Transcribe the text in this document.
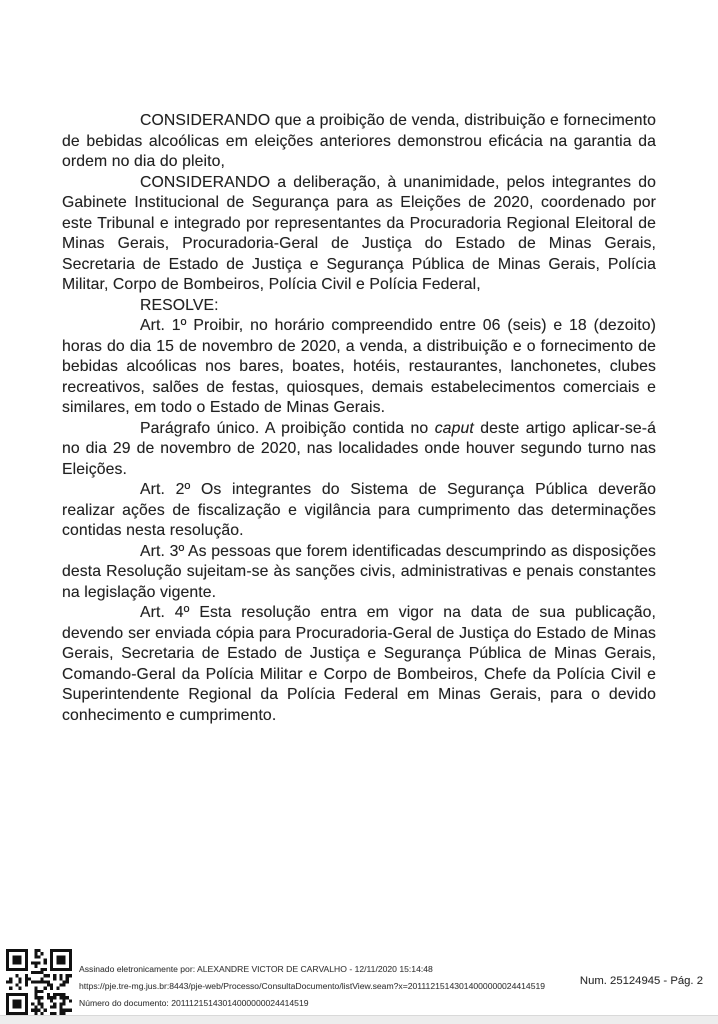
CONSIDERANDO que a proibição de venda, distribuição e fornecimento de bebidas alcoólicas em eleições anteriores demonstrou eficácia na garantia da ordem no dia do pleito,

CONSIDERANDO a deliberação, à unanimidade, pelos integrantes do Gabinete Institucional de Segurança para as Eleições de 2020, coordenado por este Tribunal e integrado por representantes da Procuradoria Regional Eleitoral de Minas Gerais, Procuradoria-Geral de Justiça do Estado de Minas Gerais, Secretaria de Estado de Justiça e Segurança Pública de Minas Gerais, Polícia Militar, Corpo de Bombeiros, Polícia Civil e Polícia Federal,

RESOLVE:

Art. 1º Proibir, no horário compreendido entre 06 (seis) e 18 (dezoito) horas do dia 15 de novembro de 2020, a venda, a distribuição e o fornecimento de bebidas alcoólicas nos bares, boates, hotéis, restaurantes, lanchonetes, clubes recreativos, salões de festas, quiosques, demais estabelecimentos comerciais e similares, em todo o Estado de Minas Gerais.

Parágrafo único. A proibição contida no caput deste artigo aplicar-se-á no dia 29 de novembro de 2020, nas localidades onde houver segundo turno nas Eleições.

Art. 2º Os integrantes do Sistema de Segurança Pública deverão realizar ações de fiscalização e vigilância para cumprimento das determinações contidas nesta resolução.

Art. 3º As pessoas que forem identificadas descumprindo as disposições desta Resolução sujeitam-se às sanções civis, administrativas e penais constantes na legislação vigente.

Art. 4º Esta resolução entra em vigor na data de sua publicação, devendo ser enviada cópia para Procuradoria-Geral de Justiça do Estado de Minas Gerais, Secretaria de Estado de Justiça e Segurança Pública de Minas Gerais, Comando-Geral da Polícia Militar e Corpo de Bombeiros, Chefe da Polícia Civil e Superintendente Regional da Polícia Federal em Minas Gerais, para o devido conhecimento e cumprimento.

Assinado eletronicamente por: ALEXANDRE VICTOR DE CARVALHO - 12/11/2020 15:14:48
https://pje.tre-mg.jus.br:8443/pje-web/Processo/ConsultaDocumento/listView.seam?x=20111215143014000000024414519
Número do documento: 20111215143014000000024414519
Num. 25124945 - Pág. 2
